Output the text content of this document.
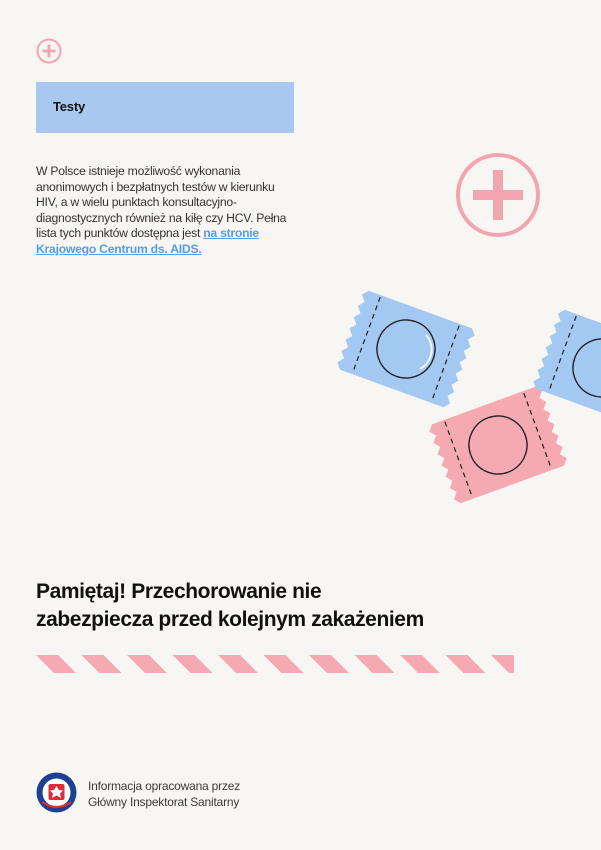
Testy
W Polsce istnieje możliwość wykonania anonimowych i bezpłatnych testów w kierunku HIV, a w wielu punktach konsultacyjno-diagnostycznych również na kiłę czy HCV. Pełna lista tych punktów dostępna jest na stronie Krajowego Centrum ds. AIDS.
Pamiętaj! Przechorowanie nie
zabezpiecza przed kolejnym zakażeniem
Informacja opracowana przez
Główny Inspektorat Sanitarny
